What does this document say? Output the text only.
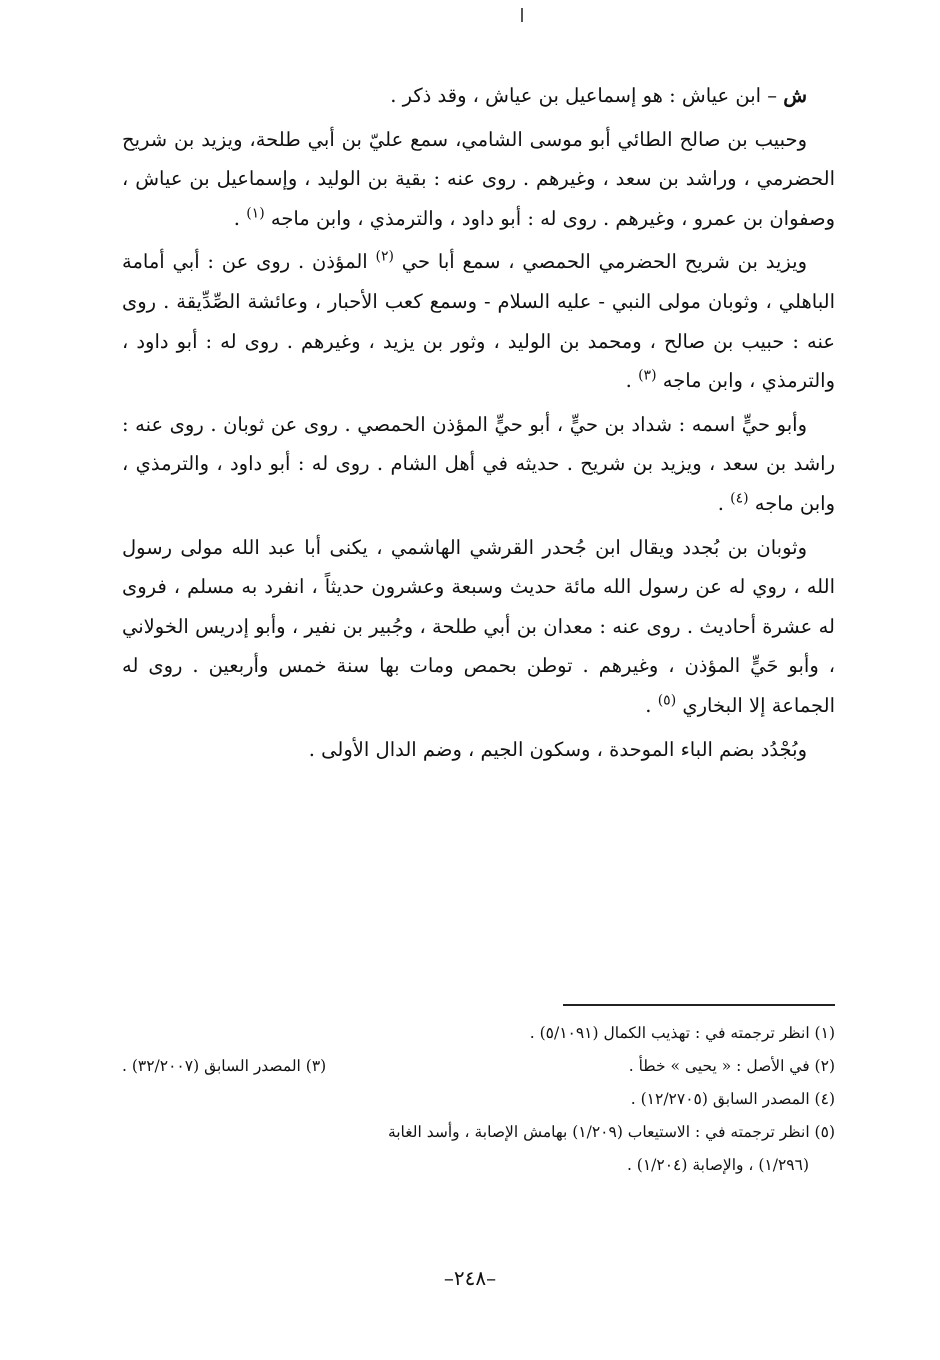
ش – ابن عياش : هو إسماعيل بن عياش ، وقد ذكر .

وحبيب بن صالح الطائي أبو موسى الشامي، سمع عليّ بن أبي طلحة، ويزيد بن شريح الحضرمي ، وراشد بن سعد ، وغيرهم . روى عنه : بقية بن الوليد ، وإسماعيل بن عياش ، وصفوان بن عمرو ، وغيرهم . روى له : أبو داود ، والترمذي ، وابن ماجه $^{(١)}$ .

ويزيد بن شريح الحضرمي الحمصي ، سمع أبا حي $^{(٢)}$ المؤذن . روى عن : أبي أمامة الباهلي ، وثوبان مولى النبي - عليه السلام - وسمع كعب الأحبار ، وعائشة الصِّدِّيقة . روى عنه : حبيب بن صالح ، ومحمد بن الوليد ، وثور بن يزيد ، وغيرهم . روى له : أبو داود ، والترمذي ، وابن ماجه $^{(٣)}$ .

وأبو حيٍّ اسمه : شداد بن حيٍّ ، أبو حيٍّ المؤذن الحمصي . روى عن ثوبان . روى عنه : راشد بن سعد ، ويزيد بن شريح . حديثه في أهل الشام . روى له : أبو داود ، والترمذي ، وابن ماجه $^{(٤)}$ .

وثوبان بن بُجدد ويقال ابن جُحدر القرشي الهاشمي ، يكنى أبا عبد الله مولى رسول الله ، روي له عن رسول الله مائة حديث وسبعة وعشرون حديثاً ، انفرد به مسلم ، فروى له عشرة أحاديث . روى عنه : معدان بن أبي طلحة ، وجُبير بن نفير ، وأبو إدريس الخولاني ، وأبو حَيٍّ المؤذن ، وغيرهم . توطن بحمص ومات بها سنة خمس وأربعين . روى له الجماعة إلا البخاري $^{(٥)}$ .

وبُجْدُد بضم الباء الموحدة ، وسكون الجيم ، وضم الدال الأولى .

(١) انظر ترجمته في : تهذيب الكمال (٥/١٠٩١) .

(٢) في الأصل : « يحيى » خطأ .
(٣) المصدر السابق (٣٢/٢٠٠٧) .

(٤) المصدر السابق (١٢/٢٧٠٥) .

(٥) انظر ترجمته في : الاستيعاب (١/٢٠٩) بهامش الإصابة ، وأسد الغابة

(١/٢٩٦) ، والإصابة (١/٢٠٤) .

–٢٤٨–
